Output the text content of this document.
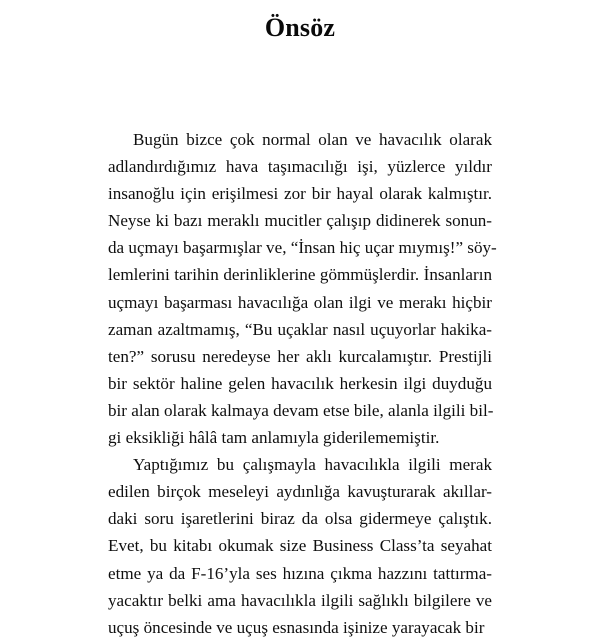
Önsöz
Bugün bizce çok normal olan ve havacılık olarak
adlandırdığımız hava taşımacılığı işi, yüzlerce yıldır
insanoğlu için erişilmesi zor bir hayal olarak kalmıştır.
Neyse ki bazı meraklı mucitler çalışıp didinerek sonun-
da uçmayı başarmışlar ve, “İnsan hiç uçar mıymış!” söy-
lemlerini tarihin derinliklerine gömmüşlerdir. İnsanların
uçmayı başarması havacılığa olan ilgi ve merakı hiçbir
zaman azaltmamış, “Bu uçaklar nasıl uçuyorlar hakika-
ten?” sorusu neredeyse her aklı kurcalamıştır. Prestijli
bir sektör haline gelen havacılık herkesin ilgi duyduğu
bir alan olarak kalmaya devam etse bile, alanla ilgili bil-
gi eksikliği hâlâ tam anlamıyla giderilememiştir.
Yaptığımız bu çalışmayla havacılıkla ilgili merak
edilen birçok meseleyi aydınlığa kavuşturarak akıllar-
daki soru işaretlerini biraz da olsa gidermeye çalıştık.
Evet, bu kitabı okumak size Business Class’ta seyahat
etme ya da F-16’yla ses hızına çıkma hazzını tattırma-
yacaktır belki ama havacılıkla ilgili sağlıklı bilgilere ve
uçuş öncesinde ve uçuş esnasında işinize yarayacak bir
